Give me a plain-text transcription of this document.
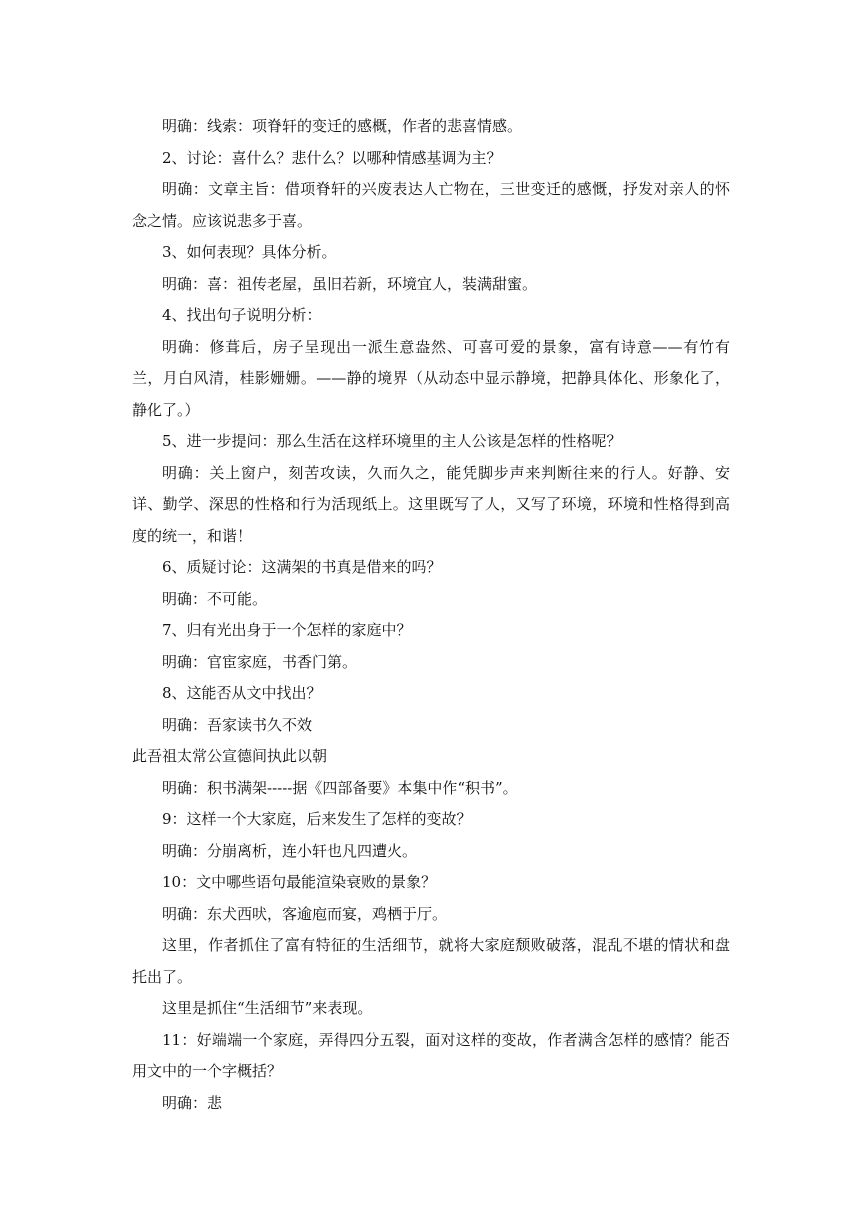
明确：线索：项脊轩的变迁的感概，作者的悲喜情感。

2、讨论：喜什么？悲什么？以哪种情感基调为主？

明确：文章主旨：借项脊轩的兴废表达人亡物在，三世变迁的感慨，抒发对亲人的怀念之情。应该说悲多于喜。

3、如何表现？具体分析。

明确：喜：祖传老屋，虽旧若新，环境宜人，装满甜蜜。

4、找出句子说明分析：

明确：修葺后，房子呈现出一派生意盎然、可喜可爱的景象，富有诗意——有竹有兰，月白风清，桂影姗姗。——静的境界（从动态中显示静境，把静具体化、形象化了，静化了。）

5、进一步提问：那么生活在这样环境里的主人公该是怎样的性格呢？

明确：关上窗户，刻苦攻读，久而久之，能凭脚步声来判断往来的行人。好静、安详、勤学、深思的性格和行为活现纸上。这里既写了人，又写了环境，环境和性格得到高度的统一，和谐！

6、质疑讨论：这满架的书真是借来的吗？

明确：不可能。

7、归有光出身于一个怎样的家庭中？

明确：官宦家庭，书香门第。

8、这能否从文中找出？

明确：吾家读书久不效

此吾祖太常公宣德间执此以朝

明确：积书满架-----据《四部备要》本集中作“积书”。

9：这样一个大家庭，后来发生了怎样的变故？

明确：分崩离析，连小轩也凡四遭火。

10：文中哪些语句最能渲染衰败的景象？

明确：东犬西吠，客逾庖而宴，鸡栖于厅。

这里，作者抓住了富有特征的生活细节，就将大家庭颓败破落，混乱不堪的情状和盘托出了。

这里是抓住“生活细节”来表现。

11：好端端一个家庭，弄得四分五裂，面对这样的变故，作者满含怎样的感情？能否用文中的一个字概括？

明确：悲
